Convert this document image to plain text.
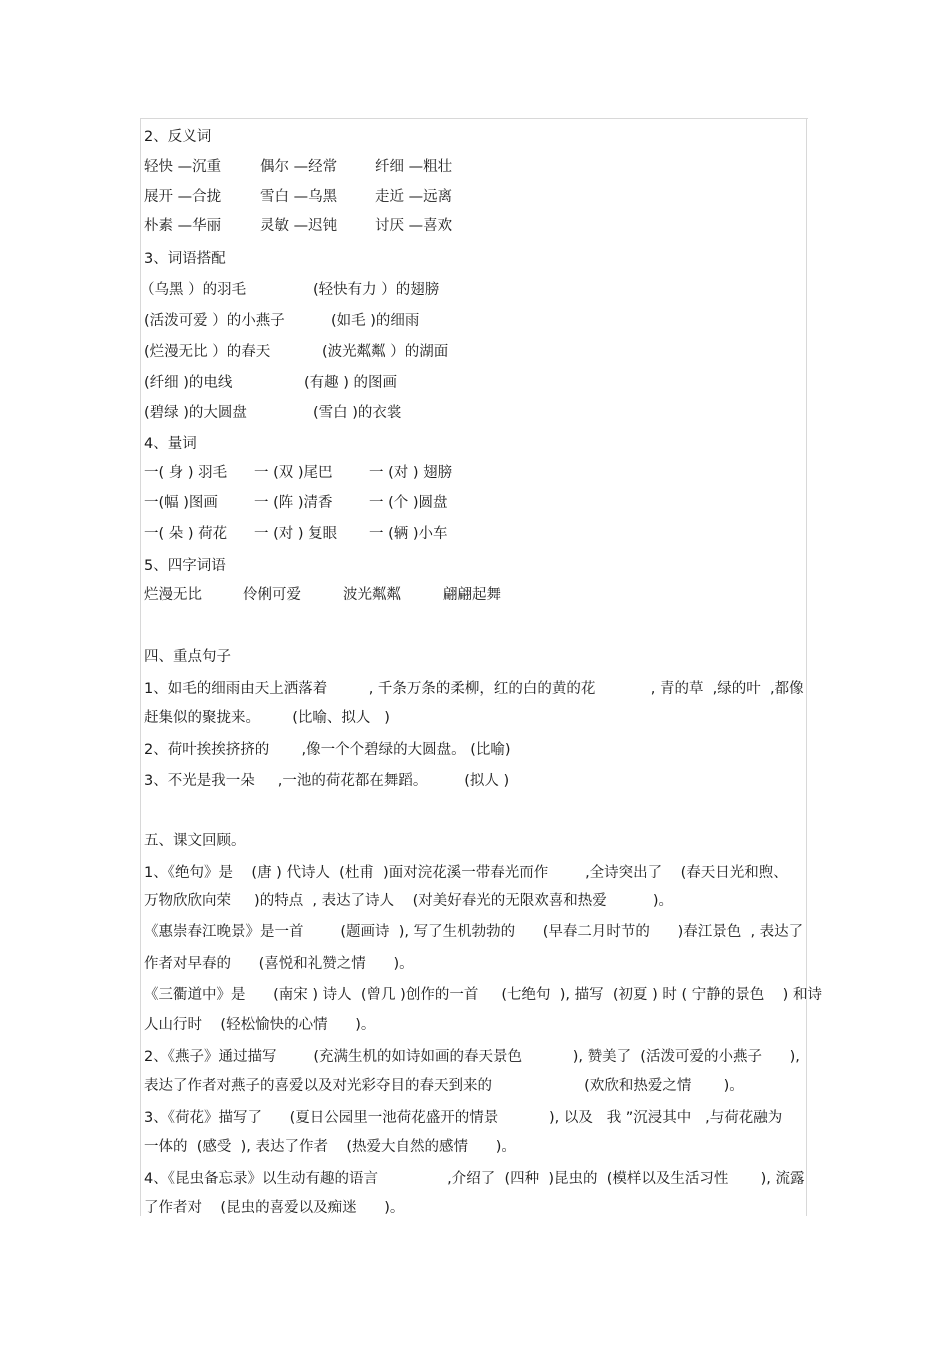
2、反义词
轻快 —沉重	偶尔 —经常	纤细 —粗壮
展开 —合拢	雪白 —乌黑	走近 —远离
朴素 —华丽	灵敏 —迟钝	讨厌 —喜欢
3、词语搭配
（乌黑 ）的羽毛	(轻快有力 ）的翅膀
(活泼可爱 ）的小燕子	(如毛 )的细雨
(烂漫无比 ）的春天	(波光粼粼 ）的湖面
(纤细 )的电线	(有趣 ) 的图画
(碧绿 )的大圆盘	(雪白 )的衣裳
4、量词
一( 身 ) 羽毛 一 (双 )尾巴	一 (对 ) 翅膀
一(幅 )图画 一 (阵 )清香	一 (个 )圆盘
一( 朵 ) 荷花 一 (对 ) 复眼 一 (辆 )小车
5、四字词语
烂漫无比	伶俐可爱	波光粼粼	翩翩起舞
四、重点句子
1、如毛的细雨由天上洒落着         , 千条万条的柔柳，红的白的黄的花            , 青的草  ,绿的叶  ,都像
赶集似的聚拢来。       (比喻、拟人   )
2、荷叶挨挨挤挤的       ,像一个个碧绿的大圆盘。 (比喻)
3、不光是我一朵     ,一池的荷花都在舞蹈。        (拟人 )
五、课文回顾。
1、《绝句》是    (唐 ) 代诗人  (杜甫  )面对浣花溪一带春光而作        ,全诗突出了    (春天日光和煦、
万物欣欣向荣     )的特点  , 表达了诗人    (对美好春光的无限欢喜和热爱          )。
《惠崇春江晚景》是一首        (题画诗  ), 写了生机勃勃的      (早春二月时节的      )春江景色  , 表达了
作者对早春的      (喜悦和礼赞之情      )。
《三衢道中》是      (南宋 ) 诗人  (曾几 )创作的一首     (七绝句  ), 描写  (初夏 ) 时 ( 宁静的景色    ) 和诗
人山行时    (轻松愉快的心情      )。
2、《燕子》通过描写        (充满生机的如诗如画的春天景色           ), 赞美了  (活泼可爱的小燕子      ),
表达了作者对燕子的喜爱以及对光彩夺目的春天到来的                    (欢欣和热爱之情       )。
3、《荷花》描写了      (夏日公园里一池荷花盛开的情景           ), 以及   我 ”沉浸其中   ,与荷花融为
一体的  (感受  ), 表达了作者    (热爱大自然的感情      )。
4、《昆虫备忘录》以生动有趣的语言               ,介绍了  (四种  )昆虫的  (模样以及生活习性       ), 流露
了作者对    (昆虫的喜爱以及痴迷      )。
